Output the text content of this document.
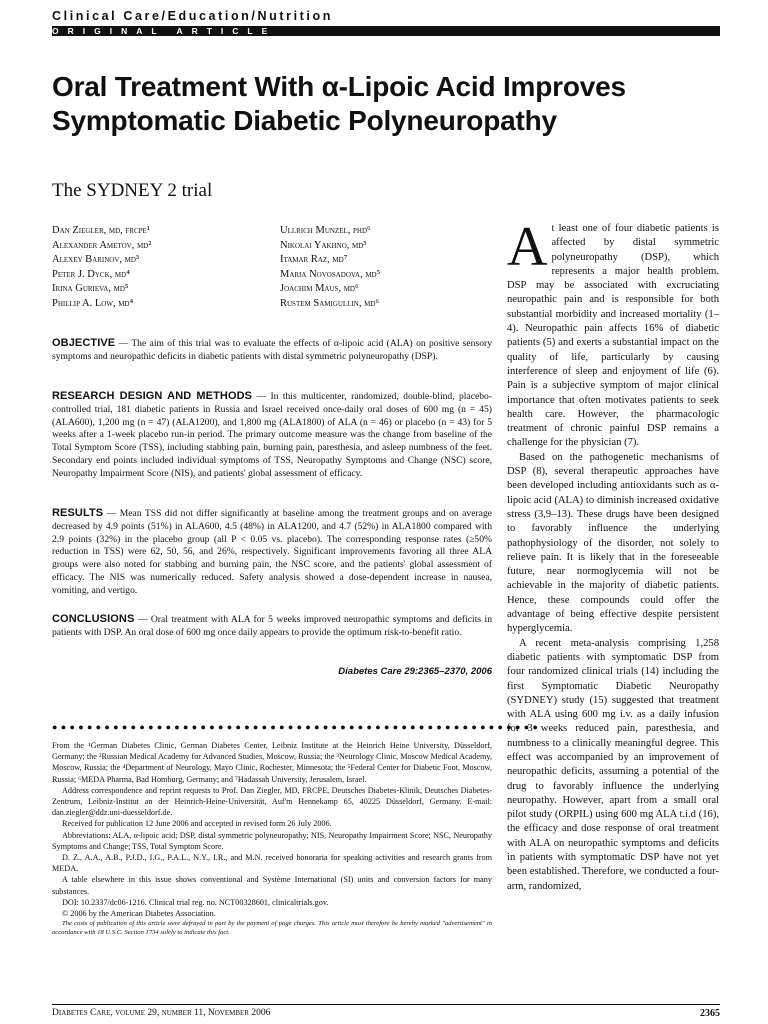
Clinical Care/Education/Nutrition
ORIGINAL ARTICLE
Oral Treatment With α-Lipoic Acid Improves Symptomatic Diabetic Polyneuropathy
The SYDNEY 2 trial
Dan Ziegler, md, frcpe¹
Alexander Ametov, md²
Alexey Barinov, md³
Peter J. Dyck, md⁴
Irina Gurieva, md⁵
Phillip A. Low, md⁴
Ullrich Munzel, phd⁶
Nikolai Yakhno, md³
Itamar Raz, md⁷
Maria Novosadova, md⁵
Joachim Maus, md⁶
Rustem Samigullin, md⁶
OBJECTIVE — The aim of this trial was to evaluate the effects of α-lipoic acid (ALA) on positive sensory symptoms and neuropathic deficits in diabetic patients with distal symmetric polyneuropathy (DSP).
RESEARCH DESIGN AND METHODS — In this multicenter, randomized, double-blind, placebo-controlled trial, 181 diabetic patients in Russia and Israel received once-daily oral doses of 600 mg (n = 45) (ALA600), 1,200 mg (n = 47) (ALA1200), and 1,800 mg (ALA1800) of ALA (n = 46) or placebo (n = 43) for 5 weeks after a 1-week placebo run-in period. The primary outcome measure was the change from baseline of the Total Symptom Score (TSS), including stabbing pain, burning pain, paresthesia, and asleep numbness of the feet. Secondary end points included individual symptoms of TSS, Neuropathy Symptoms and Change (NSC) score, Neuropathy Impairment Score (NIS), and patients' global assessment of efficacy.
RESULTS — Mean TSS did not differ significantly at baseline among the treatment groups and on average decreased by 4.9 points (51%) in ALA600, 4.5 (48%) in ALA1200, and 4.7 (52%) in ALA1800 compared with 2.9 points (32%) in the placebo group (all P < 0.05 vs. placebo). The corresponding response rates (≥50% reduction in TSS) were 62, 50, 56, and 26%, respectively. Significant improvements favoring all three ALA groups were also noted for stabbing and burning pain, the NSC score, and the patients' global assessment of efficacy. The NIS was numerically reduced. Safety analysis showed a dose-dependent increase in nausea, vomiting, and vertigo.
CONCLUSIONS — Oral treatment with ALA for 5 weeks improved neuropathic symptoms and deficits in patients with DSP. An oral dose of 600 mg once daily appears to provide the optimum risk-to-benefit ratio.
Diabetes Care 29:2365–2370, 2006
●●●●●●●●●●●●●●●●●●●●●●●●●●●●●●●●●●●●●●●●●●●●●●●●●●●●●●●●

From the ¹German Diabetes Clinic, German Diabetes Center, Leibniz Institute at the Heinrich Heine University, Düsseldorf, Germany; the ²Russian Medical Academy for Advanced Studies, Moscow, Russia; the ³Neurology Clinic, Moscow Medical Academy, Moscow, Russia; the ⁴Department of Neurology, Mayo Clinic, Rochester, Minnesota; the ⁵Federal Center for Diabetic Foot, Moscow, Russia; ⁶MEDA Pharma, Bad Homburg, Germany; and ⁷Hadassah University, Jerusalem, Israel.

Address correspondence and reprint requests to Prof. Dan Ziegler, MD, FRCPE, Deutsches Diabetes-Klinik, Deutsches Diabetes-Zentrum, Leibniz-Institut an der Heinrich-Heine-Universität, Auf'm Hennekamp 65, 40225 Düsseldorf, Germany. E-mail: dan.ziegler@ddz.uni-duesseldorf.de.

Received for publication 12 June 2006 and accepted in revised form 26 July 2006.

Abbreviations: ALA, α-lipoic acid; DSP, distal symmetric polyneuropathy; NIS, Neuropathy Impairment Score; NSC, Neuropathy Symptoms and Change; TSS, Total Symptom Score.

D. Z., A.A., A.B., P.J.D., I.G., P.A.L., N.Y., I.R., and M.N. received honoraria for speaking activities and research grants from MEDA.

A table elsewhere in this issue shows conventional and Système International (SI) units and conversion factors for many substances.

DOI: 10.2337/dc06-1216. Clinical trial reg. no. NCT00328601, clinicaltrials.gov.

© 2006 by the American Diabetes Association.

The costs of publication of this article were defrayed in part by the payment of page charges. This article must therefore be hereby marked "advertisement" in accordance with 18 U.S.C. Section 1734 solely to indicate this fact.

At least one of four diabetic patients is affected by distal symmetric polyneuropathy (DSP), which represents a major health problem. DSP may be associated with excruciating neuropathic pain and is responsible for both substantial morbidity and increased mortality (1–4). Neuropathic pain affects 16% of diabetic patients (5) and exerts a substantial impact on the quality of life, particularly by causing interference of sleep and enjoyment of life (6). Pain is a subjective symptom of major clinical importance that often motivates patients to seek health care. However, the pharmacologic treatment of chronic painful DSP remains a challenge for the physician (7).

Based on the pathogenetic mechanisms of DSP (8), several therapeutic approaches have been developed including antioxidants such as α-lipoic acid (ALA) to diminish increased oxidative stress (3,9–13). These drugs have been designed to favorably influence the underlying pathophysiology of the disorder, not solely to relieve pain. It is likely that in the foreseeable future, near normoglycemia will not be achievable in the majority of diabetic patients. Hence, these compounds could offer the advantage of being effective despite persistent hyperglycemia.

A recent meta-analysis comprising 1,258 diabetic patients with symptomatic DSP from four randomized clinical trials (14) including the first Symptomatic Diabetic Neuropathy (SYDNEY) study (15) suggested that treatment with ALA using 600 mg i.v. as a daily infusion for 3 weeks reduced pain, paresthesia, and numbness to a clinically meaningful degree. This effect was accompanied by an improvement of neuropathic deficits, assuming a potential of the drug to favorably influence the underlying neuropathy. However, apart from a small oral pilot study (ORPIL) using 600 mg ALA t.i.d (16), the efficacy and dose response of oral treatment with ALA on neuropathic symptoms and deficits in patients with symptomatic DSP have not yet been established. Therefore, we conducted a four-arm, randomized,

Diabetes Care, volume 29, number 11, November 2006	2365
